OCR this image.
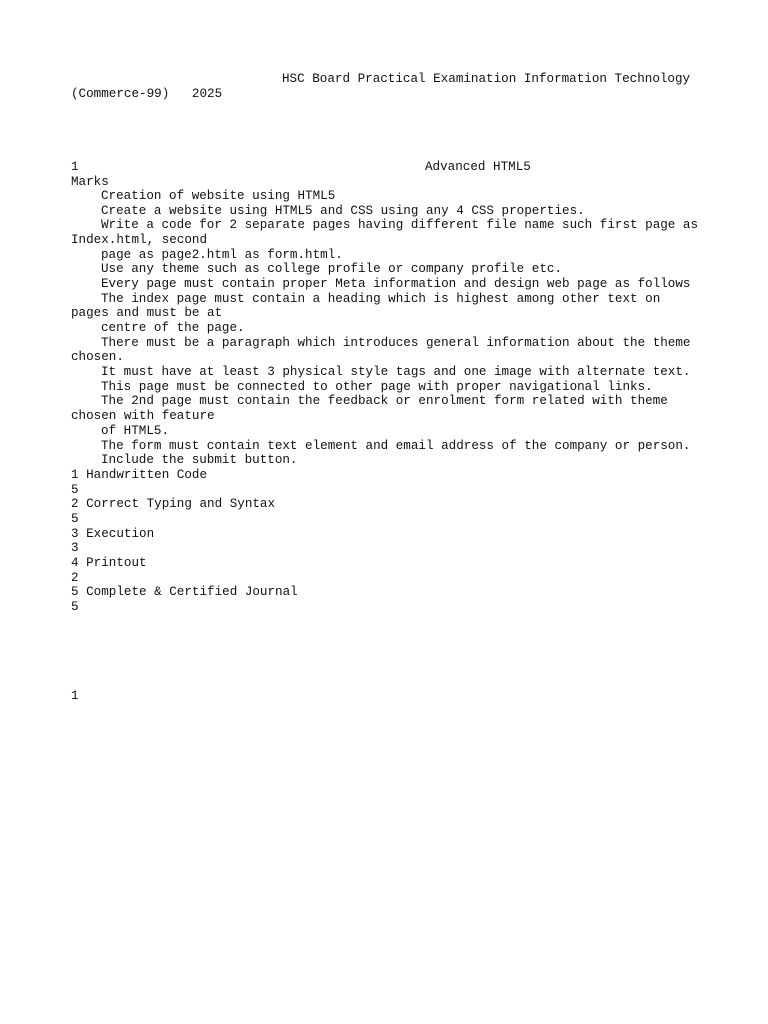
HSC Board Practical Examination Information Technology
(Commerce-99)   2025
1	Advanced HTML5
Marks
Creation of website using HTML5
Create a website using HTML5 and CSS using any 4 CSS properties.
Write a code for 2 separate pages having different file name such first page as
Index.html, second
page as page2.html as form.html.
Use any theme such as college profile or company profile etc.
Every page must contain proper Meta information and design web page as follows
The index page must contain a heading which is highest among other text on
pages and must be at
centre of the page.
There must be a paragraph which introduces general information about the theme
chosen.
It must have at least 3 physical style tags and one image with alternate text.
This page must be connected to other page with proper navigational links.
The 2nd page must contain the feedback or enrolment form related with theme
chosen with feature
of HTML5.
The form must contain text element and email address of the company or person.
Include the submit button.
1 Handwritten Code
5
2 Correct Typing and Syntax
5
3 Execution
3
4 Printout
2
5 Complete & Certified Journal
5
1
